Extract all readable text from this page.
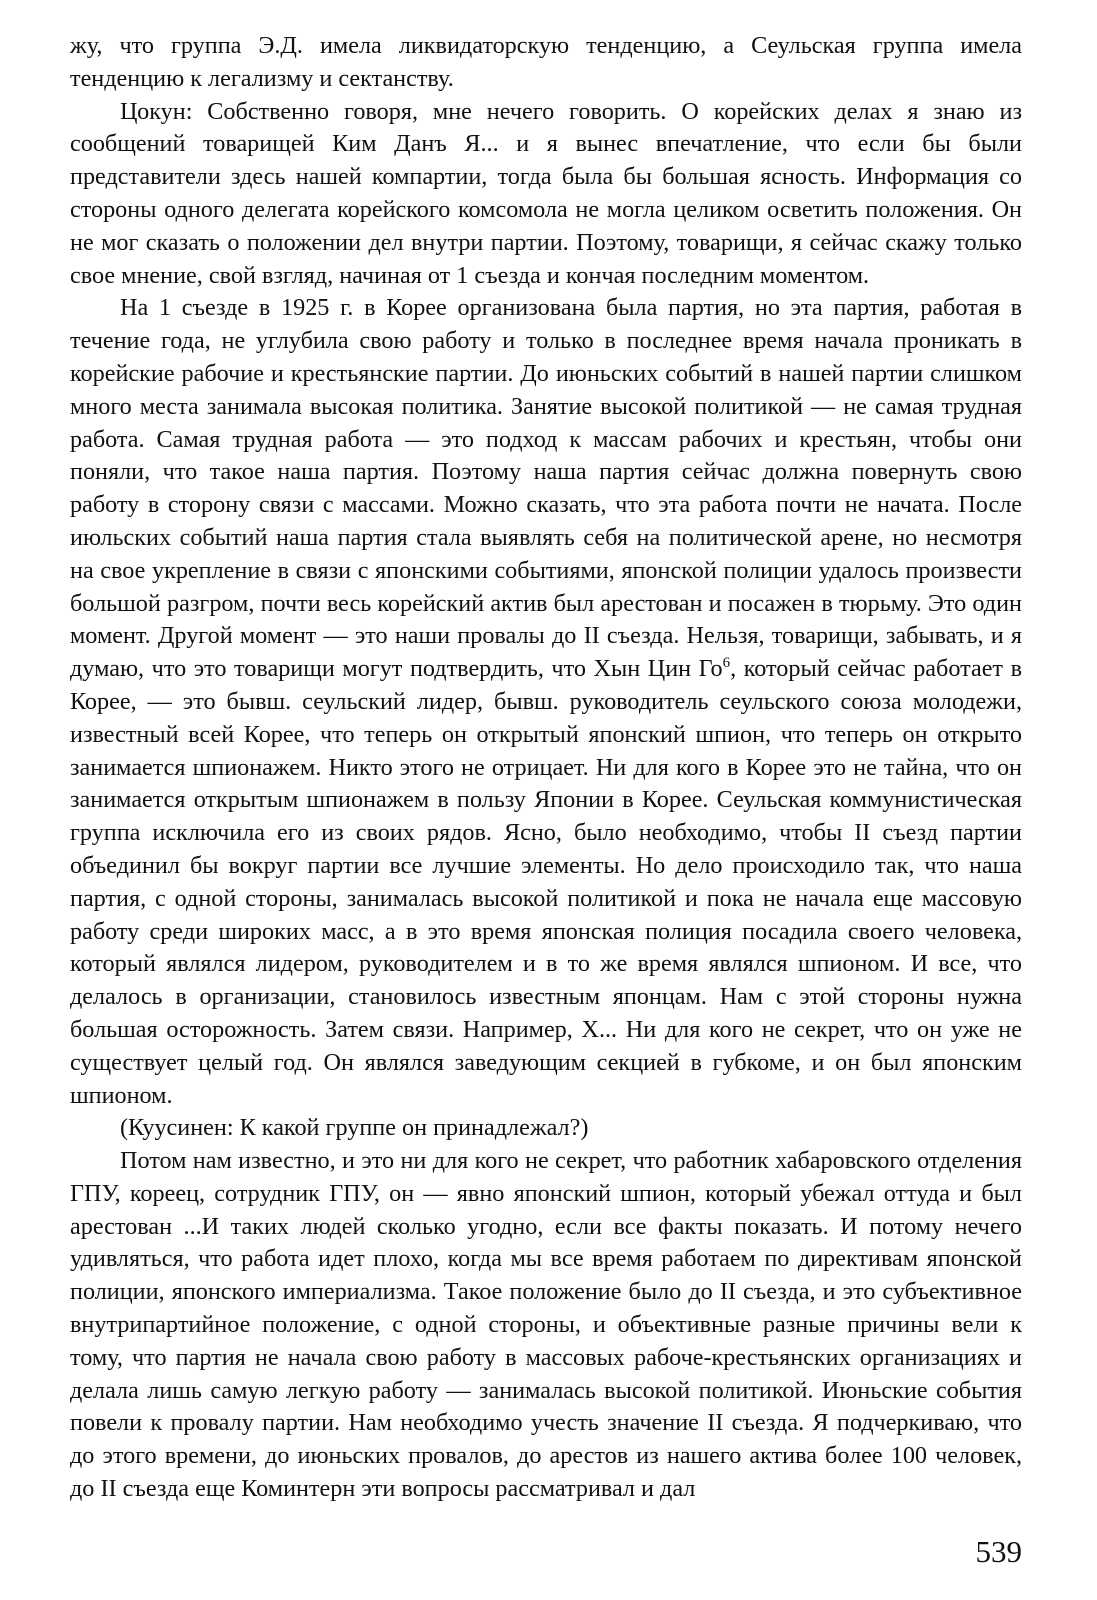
жу, что группа Э.Д. имела ликвидаторскую тенденцию, а Сеульская группа имела тенденцию к легализму и сектанству.

Цокун: Собственно говоря, мне нечего говорить. О корейских делах я знаю из сообщений товарищей Ким Данъ Я... и я вынес впечатление, что если бы были представители здесь нашей компартии, тогда была бы большая ясность. Информация со стороны одного делегата корейского комсомола не могла целиком осветить положения. Он не мог сказать о положении дел внутри партии. Поэтому, товарищи, я сейчас скажу только свое мнение, свой взгляд, начиная от 1 съезда и кончая последним моментом.

На 1 съезде в 1925 г. в Корее организована была партия, но эта партия, работая в течение года, не углубила свою работу и только в последнее время начала проникать в корейские рабочие и крестьянские партии. До июньских событий в нашей партии слишком много места занимала высокая политика. Занятие высокой политикой — не самая трудная работа. Самая трудная работа — это подход к массам рабочих и крестьян, чтобы они поняли, что такое наша партия. Поэтому наша партия сейчас должна повернуть свою работу в сторону связи с массами. Можно сказать, что эта работа почти не начата. После июльских событий наша партия стала выявлять себя на политической арене, но несмотря на свое укрепление в связи с японскими событиями, японской полиции удалось произвести большой разгром, почти весь корейский актив был арестован и посажен в тюрьму. Это один момент. Другой момент — это наши провалы до II съезда. Нельзя, товарищи, забывать, и я думаю, что это товарищи могут подтвердить, что Хын Цин $Го^6$, который сейчас работает в Корее, — это бывш. сеульский лидер, бывш. руководитель сеульского союза молодежи, известный всей Корее, что теперь он открытый японский шпион, что теперь он открыто занимается шпионажем. Никто этого не отрицает. Ни для кого в Корее это не тайна, что он занимается открытым шпионажем в пользу Японии в Корее. Сеульская коммунистическая группа исключила его из своих рядов. Ясно, было необходимо, чтобы II съезд партии объединил бы вокруг партии все лучшие элементы. Но дело происходило так, что наша партия, с одной стороны, занималась высокой политикой и пока не начала еще массовую работу среди широких масс, а в это время японская полиция посадила своего человека, который являлся лидером, руководителем и в то же время являлся шпионом. И все, что делалось в организации, становилось известным японцам. Нам с этой стороны нужна большая осторожность. Затем связи. Например, Х... Ни для кого не секрет, что он уже не существует целый год. Он являлся заведующим секцией в губкоме, и он был японским шпионом.

(Куусинен: К какой группе он принадлежал?)

Потом нам известно, и это ни для кого не секрет, что работник хабаровского отделения ГПУ, кореец, сотрудник ГПУ, он — явно японский шпион, который убежал оттуда и был арестован ...И таких людей сколько угодно, если все факты показать. И потому нечего удивляться, что работа идет плохо, когда мы все время работаем по директивам японской полиции, японского империализма. Такое положение было до II съезда, и это субъективное внутрипартийное положение, с одной стороны, и объективные разные причины вели к тому, что партия не начала свою работу в массовых рабоче-крестьянских организациях и делала лишь самую легкую работу — занималась высокой политикой. Июньские события повели к провалу партии. Нам необходимо учесть значение II съезда. Я подчеркиваю, что до этого времени, до июньских провалов, до арестов из нашего актива более 100 человек, до II съезда еще Коминтерн эти вопросы рассматривал и дал

539
